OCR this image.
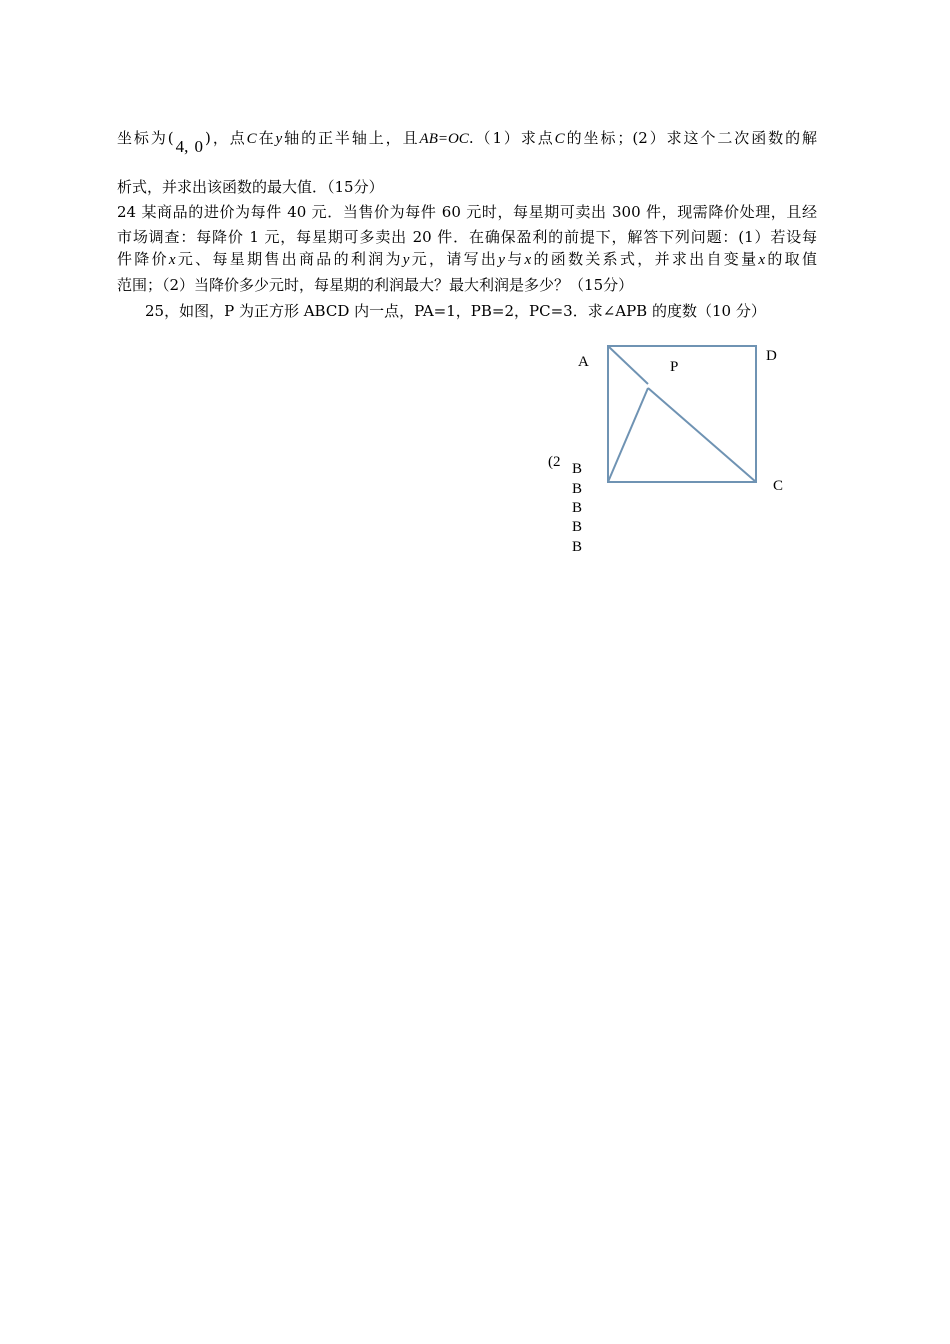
坐标为( 4, 0 )，点C在y轴的正半轴上，且AB=OC.（1）求点C的坐标；(2）求这个二次函数的解
析式，并求出该函数的最大值．（15分）
24 某商品的进价为每件 40 元．当售价为每件 60 元时，每星期可卖出 300 件，现需降价处理，且经
市场调查：每降价 1 元，每星期可多卖出 20 件．在确保盈利的前提下，解答下列问题：(1）若设每
件降价x元、每星期售出商品的利润为y元，请写出y与x的函数关系式，并求出自变量x的取值
范围；（2）当降价多少元时，每星期的利润最大？最大利润是多少？（15分）
25，如图，P 为正方形 ABCD 内一点，PA=1，PB=2，PC=3．求∠APB 的度数（10 分）
A	D
P
C
(2 B
B
B
B
B
